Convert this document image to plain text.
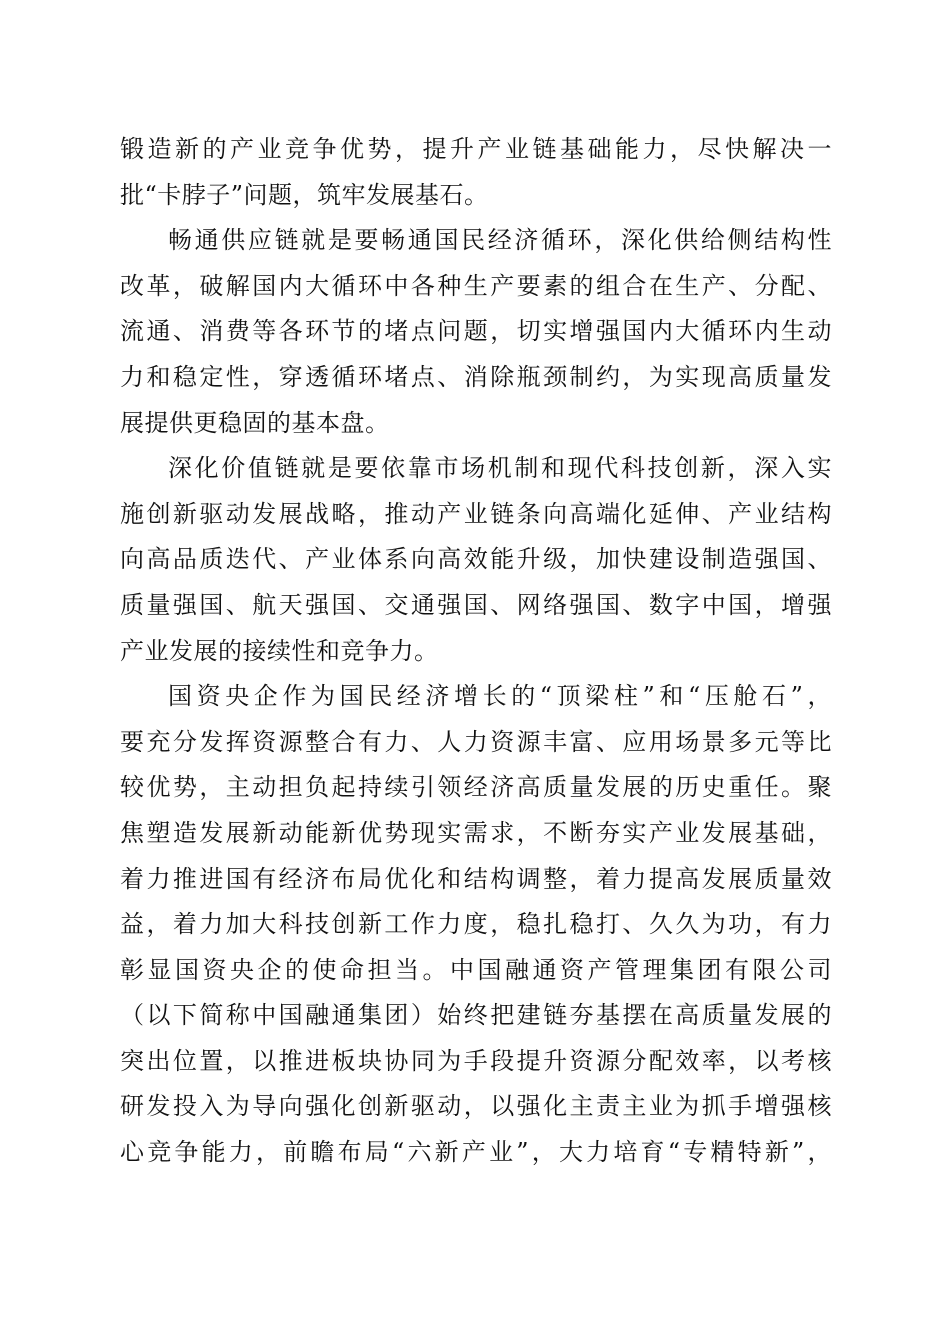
锻造新的产业竞争优势，提升产业链基础能力，尽快解决一
批“卡脖子”问题，筑牢发展基石。
畅通供应链就是要畅通国民经济循环，深化供给侧结构性
改革，破解国内大循环中各种生产要素的组合在生产、分配、
流通、消费等各环节的堵点问题，切实增强国内大循环内生动
力和稳定性，穿透循环堵点、消除瓶颈制约，为实现高质量发
展提供更稳固的基本盘。
深化价值链就是要依靠市场机制和现代科技创新，深入实
施创新驱动发展战略，推动产业链条向高端化延伸、产业结构
向高品质迭代、产业体系向高效能升级，加快建设制造强国、
质量强国、航天强国、交通强国、网络强国、数字中国，增强
产业发展的接续性和竞争力。
国资央企作为国民经济增长的“顶梁柱”和“压舱石”，
要充分发挥资源整合有力、人力资源丰富、应用场景多元等比
较优势，主动担负起持续引领经济高质量发展的历史重任。聚
焦塑造发展新动能新优势现实需求，不断夯实产业发展基础，
着力推进国有经济布局优化和结构调整，着力提高发展质量效
益，着力加大科技创新工作力度，稳扎稳打、久久为功，有力
彰显国资央企的使命担当。中国融通资产管理集团有限公司
（以下简称中国融通集团）始终把建链夯基摆在高质量发展的
突出位置，以推进板块协同为手段提升资源分配效率，以考核
研发投入为导向强化创新驱动，以强化主责主业为抓手增强核
心竞争能力，前瞻布局“六新产业”，大力培育“专精特新”，
